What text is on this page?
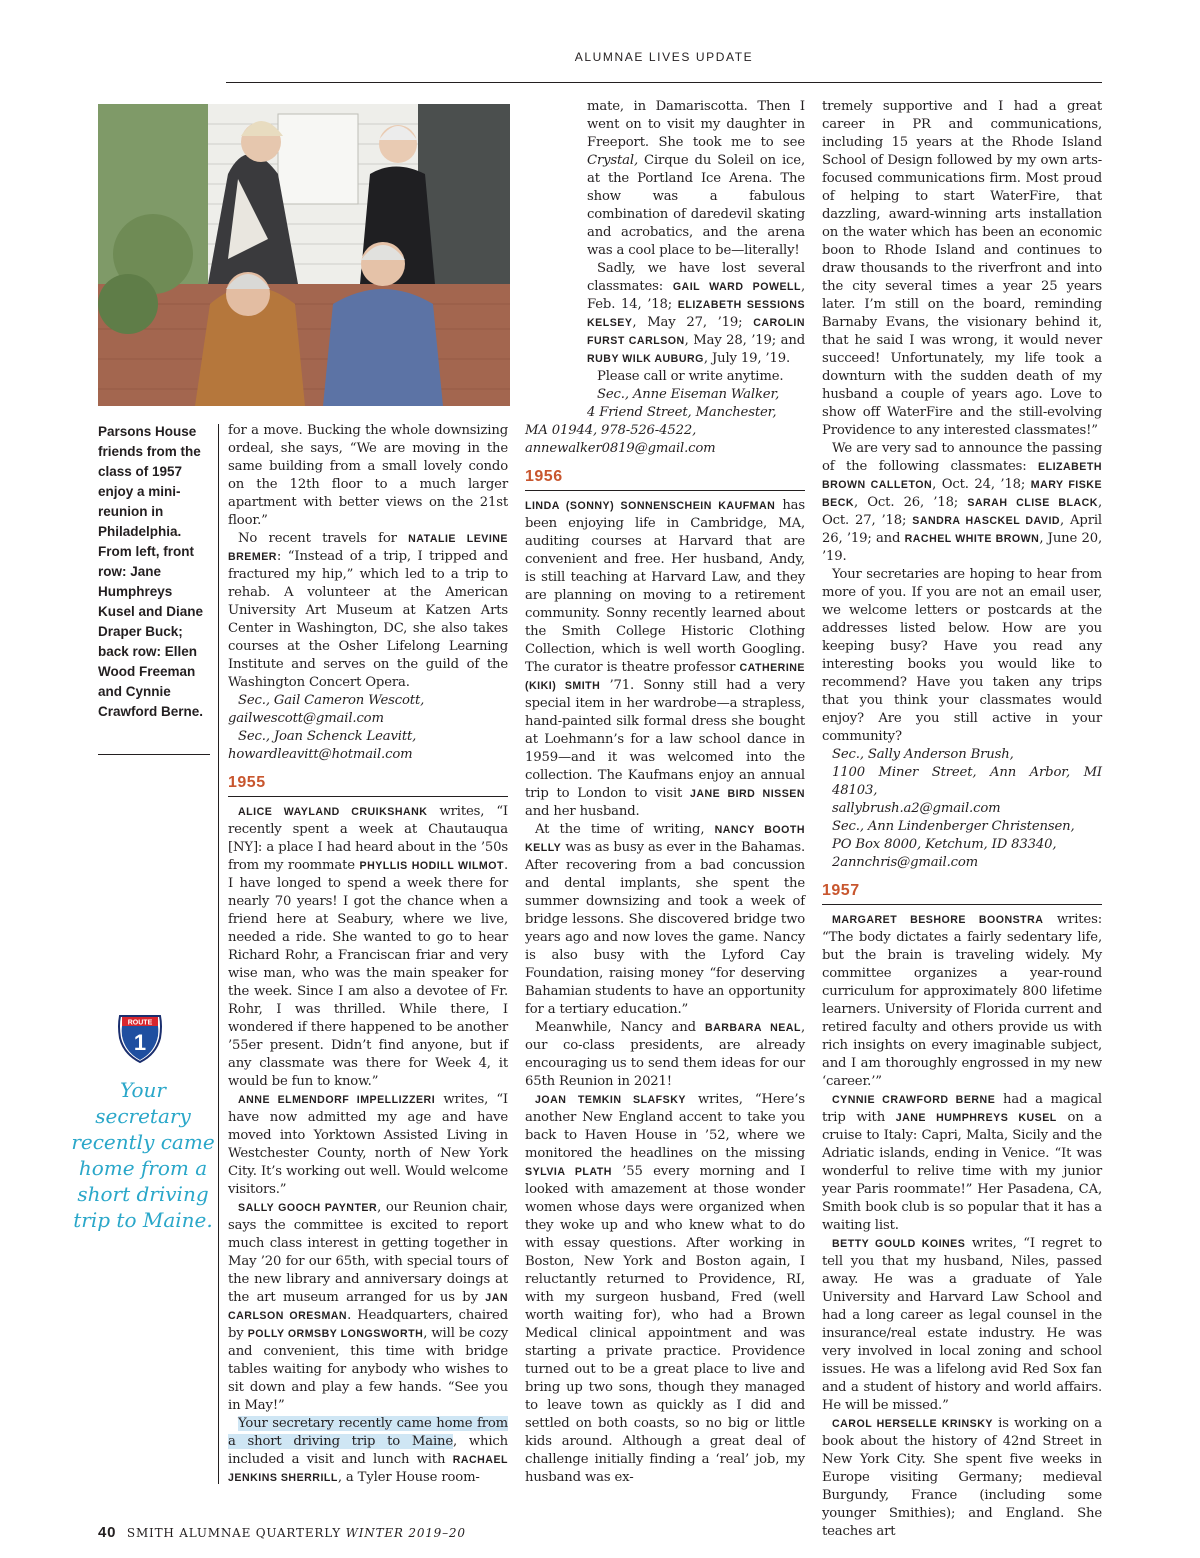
ALUMNAE LIVES UPDATE
Parsons House friends from the class of 1957 enjoy a mini-reunion in Philadelphia. From left, front row: Jane Humphreys Kusel and Diane Draper Buck; back row: Ellen Wood Freeman and Cynnie Crawford Berne.
ROUTE
1
Your secretary recently came home from a short driving trip to Maine.

for a move. Bucking the whole downsizing ordeal, she says, “We are moving in the same building from a small lovely condo on the 12th floor to a much larger apartment with better views on the 21st floor.”

No recent travels for NATALIE LEVINE BREMER: “Instead of a trip, I tripped and fractured my hip,” which led to a trip to rehab. A volunteer at the American University Art Museum at Katzen Arts Center in Washington, DC, she also takes courses at the Osher Lifelong Learning Institute and serves on the guild of the Washington Concert Opera.

Sec., Gail Cameron Wescott,

gailwescott@gmail.com

Sec., Joan Schenck Leavitt,

howardleavitt@hotmail.com

1955

ALICE WAYLAND CRUIKSHANK writes, “I recently spent a week at Chautauqua [NY]: a place I had heard about in the ’50s from my roommate PHYLLIS HODILL WILMOT. I have longed to spend a week there for nearly 70 years! I got the chance when a friend here at Seabury, where we live, needed a ride. She wanted to go to hear Richard Rohr, a Franciscan friar and very wise man, who was the main speaker for the week. Since I am also a devotee of Fr. Rohr, I was thrilled. While there, I wondered if there happened to be another ’55er present. Didn’t find anyone, but if any classmate was there for Week 4, it would be fun to know.”

ANNE ELMENDORF IMPELLIZZERI writes, “I have now admitted my age and have moved into Yorktown Assisted Living in Westchester County, north of New York City. It’s working out well. Would welcome visitors.”

SALLY GOOCH PAYNTER, our Reunion chair, says the committee is excited to report much class interest in getting together in May ’20 for our 65th, with special tours of the new library and anniversary doings at the art museum arranged for us by JAN CARLSON ORESMAN. Headquarters, chaired by POLLY ORMSBY LONGSWORTH, will be cozy and convenient, this time with bridge tables waiting for anybody who wishes to sit down and play a few hands. “See you in May!”

Your secretary recently came home from a short driving trip to Maine, which included a visit and lunch with RACHAEL JENKINS SHERRILL, a Tyler House room-

mate, in Damariscotta. Then I went on to visit my daughter in Freeport. She took me to see Crystal, Cirque du Soleil on ice, at the Portland Ice Arena. The show was a fabulous combination of daredevil skating and acrobatics, and the arena was a cool place to be—literally!

Sadly, we have lost several classmates: GAIL WARD POWELL, Feb. 14, ’18; ELIZABETH SESSIONS KELSEY, May 27, ’19; CAROLIN FURST CARLSON, May 28, ’19; and RUBY WILK AUBURG, July 19, ’19.

Please call or write anytime.

Sec., Anne Eiseman Walker,

4 Friend Street, Manchester,

MA 01944, 978-526-4522,

annewalker0819@gmail.com

1956

LINDA (SONNY) SONNENSCHEIN KAUFMAN has been enjoying life in Cambridge, MA, auditing courses at Harvard that are convenient and free. Her husband, Andy, is still teaching at Harvard Law, and they are planning on moving to a retirement community. Sonny recently learned about the Smith College Historic Clothing Collection, which is well worth Googling. The curator is theatre professor CATHERINE (KIKI) SMITH ’71. Sonny still had a very special item in her wardrobe—a strapless, hand-painted silk formal dress she bought at Loehmann’s for a law school dance in 1959—and it was welcomed into the collection. The Kaufmans enjoy an annual trip to London to visit JANE BIRD NISSEN and her husband.

At the time of writing, NANCY BOOTH KELLY was as busy as ever in the Bahamas. After recovering from a bad concussion and dental implants, she spent the summer downsizing and took a week of bridge lessons. She discovered bridge two years ago and now loves the game. Nancy is also busy with the Lyford Cay Foundation, raising money “for deserving Bahamian students to have an opportunity for a tertiary education.”

Meanwhile, Nancy and BARBARA NEAL, our co-class presidents, are already encouraging us to send them ideas for our 65th Reunion in 2021!

JOAN TEMKIN SLAFSKY writes, “Here’s another New England accent to take you back to Haven House in ’52, where we monitored the headlines on the missing SYLVIA PLATH ’55 every morning and I looked with amazement at those wonder women whose days were organized when they woke up and who knew what to do with essay questions. After working in Boston, New York and Boston again, I reluctantly returned to Providence, RI, with my surgeon husband, Fred (well worth waiting for), who had a Brown Medical clinical appointment and was starting a private practice. Providence turned out to be a great place to live and bring up two sons, though they managed to leave town as quickly as I did and settled on both coasts, so no big or little kids around. Although a great deal of challenge initially finding a ‘real’ job, my husband was ex-

tremely supportive and I had a great career in PR and communications, including 15 years at the Rhode Island School of Design followed by my own arts-focused communications firm. Most proud of helping to start WaterFire, that dazzling, award-winning arts installation on the water which has been an economic boon to Rhode Island and continues to draw thousands to the riverfront and into the city several times a year 25 years later. I’m still on the board, reminding Barnaby Evans, the visionary behind it, that he said I was wrong, it would never succeed! Unfortunately, my life took a downturn with the sudden death of my husband a couple of years ago. Love to show off WaterFire and the still-evolving Providence to any interested classmates!”

We are very sad to announce the passing of the following classmates: ELIZABETH BROWN CALLETON, Oct. 24, ’18; MARY FISKE BECK, Oct. 26, ’18; SARAH CLISE BLACK, Oct. 27, ’18; SANDRA HASCKEL DAVID, April 26, ’19; and RACHEL WHITE BROWN, June 20, ’19.

Your secretaries are hoping to hear from more of you. If you are not an email user, we welcome letters or postcards at the addresses listed below. How are you keeping busy? Have you read any interesting books you would like to recommend? Have you taken any trips that you think your classmates would enjoy? Are you still active in your community?

Sec., Sally Anderson Brush,

1100 Miner Street, Ann Arbor, MI 48103,

sallybrush.a2@gmail.com

Sec., Ann Lindenberger Christensen,

PO Box 8000, Ketchum, ID 83340,

2annchris@gmail.com

1957

MARGARET BESHORE BOONSTRA writes: “The body dictates a fairly sedentary life, but the brain is traveling widely. My committee organizes a year-round curriculum for approximately 800 lifetime learners. University of Florida current and retired faculty and others provide us with rich insights on every imaginable subject, and I am thoroughly engrossed in my new ‘career.’”

CYNNIE CRAWFORD BERNE had a magical trip with JANE HUMPHREYS KUSEL on a cruise to Italy: Capri, Malta, Sicily and the Adriatic islands, ending in Venice. “It was wonderful to relive time with my junior year Paris roommate!” Her Pasadena, CA, Smith book club is so popular that it has a waiting list.

BETTY GOULD KOINES writes, “I regret to tell you that my husband, Niles, passed away. He was a graduate of Yale University and Harvard Law School and had a long career as legal counsel in the insurance/real estate industry. He was very involved in local zoning and school issues. He was a lifelong avid Red Sox fan and a student of history and world affairs. He will be missed.”

CAROL HERSELLE KRINSKY is working on a book about the history of 42nd Street in New York City. She spent five weeks in Europe visiting Germany; medieval Burgundy, France (including some younger Smithies); and England. She teaches art

40 SMITH ALUMNAE QUARTERLY WINTER 2019–20
